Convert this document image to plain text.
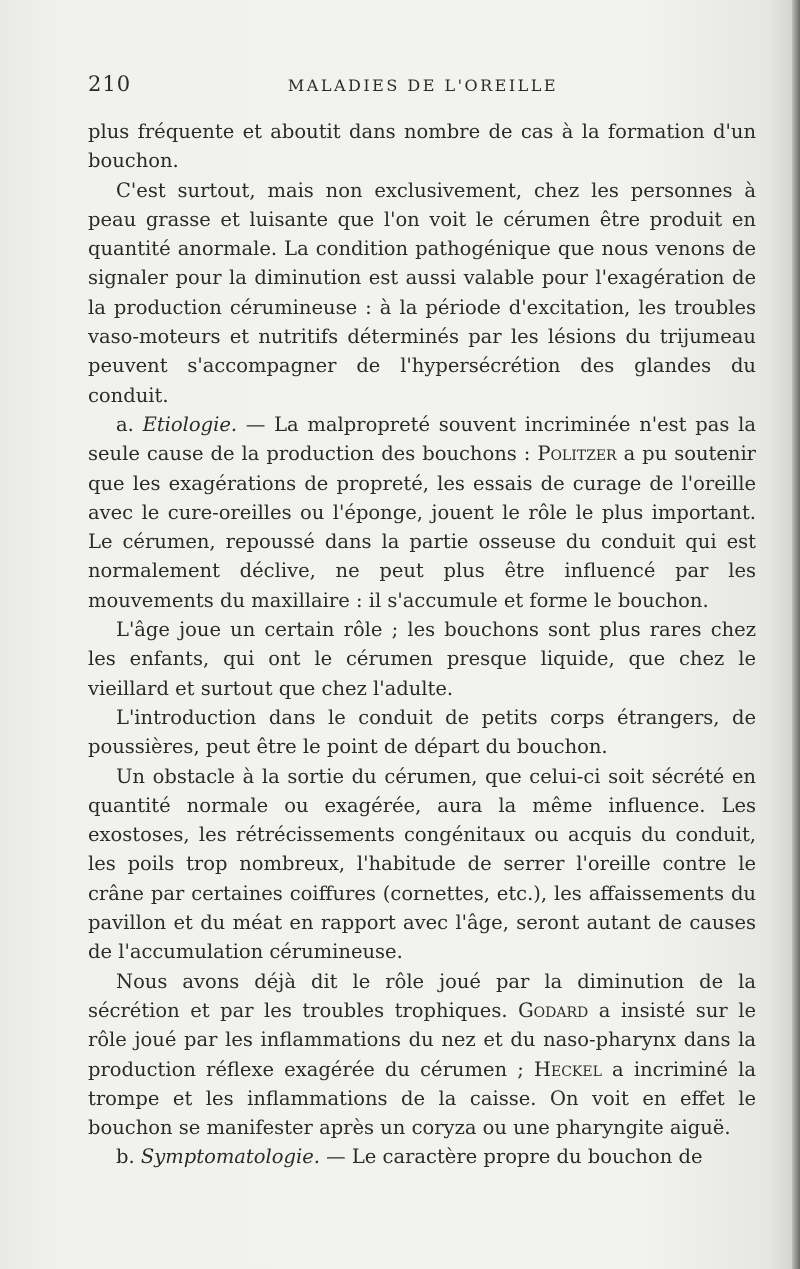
210	MALADIES DE L'OREILLE

plus fréquente et aboutit dans nombre de cas à la formation d'un bouchon.

C'est surtout, mais non exclusivement, chez les personnes à peau grasse et luisante que l'on voit le cérumen être produit en quantité anormale. La condition pathogénique que nous venons de signaler pour la diminution est aussi valable pour l'exagération de la production cérumineuse : à la période d'excitation, les troubles vaso-moteurs et nutritifs déterminés par les lésions du trijumeau peuvent s'accompagner de l'hypersécrétion des glandes du conduit.

a. Etiologie. — La malpropreté souvent incriminée n'est pas la seule cause de la production des bouchons : Politzer a pu soutenir que les exagérations de propreté, les essais de curage de l'oreille avec le cure-oreilles ou l'éponge, jouent le rôle le plus important. Le cérumen, repoussé dans la partie osseuse du conduit qui est normalement déclive, ne peut plus être influencé par les mouvements du maxillaire : il s'accumule et forme le bouchon.

L'âge joue un certain rôle ; les bouchons sont plus rares chez les enfants, qui ont le cérumen presque liquide, que chez le vieillard et surtout que chez l'adulte.

L'introduction dans le conduit de petits corps étrangers, de poussières, peut être le point de départ du bouchon.

Un obstacle à la sortie du cérumen, que celui-ci soit sécrété en quantité normale ou exagérée, aura la même influence. Les exostoses, les rétrécissements congénitaux ou acquis du conduit, les poils trop nombreux, l'habitude de serrer l'oreille contre le crâne par certaines coiffures (cornettes, etc.), les affaissements du pavillon et du méat en rapport avec l'âge, seront autant de causes de l'accumulation cérumineuse.

Nous avons déjà dit le rôle joué par la diminution de la sécrétion et par les troubles trophiques. Godard a insisté sur le rôle joué par les inflammations du nez et du naso-pharynx dans la production réflexe exagérée du cérumen ; Heckel a incriminé la trompe et les inflammations de la caisse. On voit en effet le bouchon se manifester après un coryza ou une pharyngite aiguë.

b. Symptomatologie. — Le caractère propre du bouchon de
